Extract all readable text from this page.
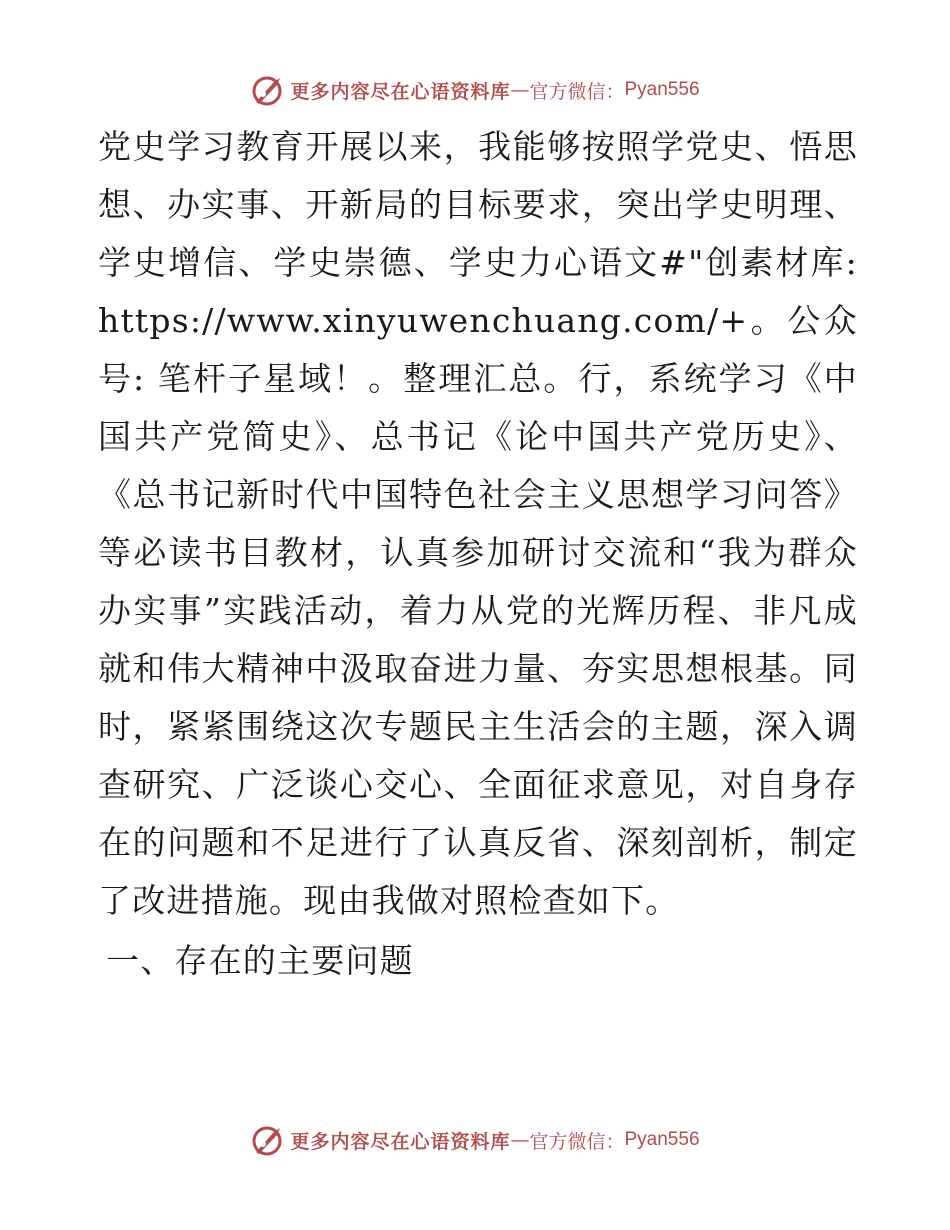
更多内容尽在心语资料库 — 官方微信： Pyan556

党史学习教育开展以来，我能够按照学党史、悟思想、办实事、开新局的目标要求，突出学史明理、学史增信、学史崇德、学史力心语文#"创素材库: https://www.xinyuwenchuang.com/+。公众号: 笔杆子星域！。整理汇总。行，系统学习《中国共产党简史》、总书记《论中国共产党历史》、《总书记新时代中国特色社会主义思想学习问答》等必读书目教材，认真参加研讨交流和“我为群众办实事”实践活动，着力从党的光辉历程、非凡成就和伟大精神中汲取奋进力量、夯实思想根基。同时，紧紧围绕这次专题民主生活会的主题，深入调查研究、广泛谈心交心、全面征求意见，对自身存在的问题和不足进行了认真反省、深刻剖析，制定了改进措施。现由我做对照检查如下。

一、存在的主要问题

更多内容尽在心语资料库 — 官方微信： Pyan556
